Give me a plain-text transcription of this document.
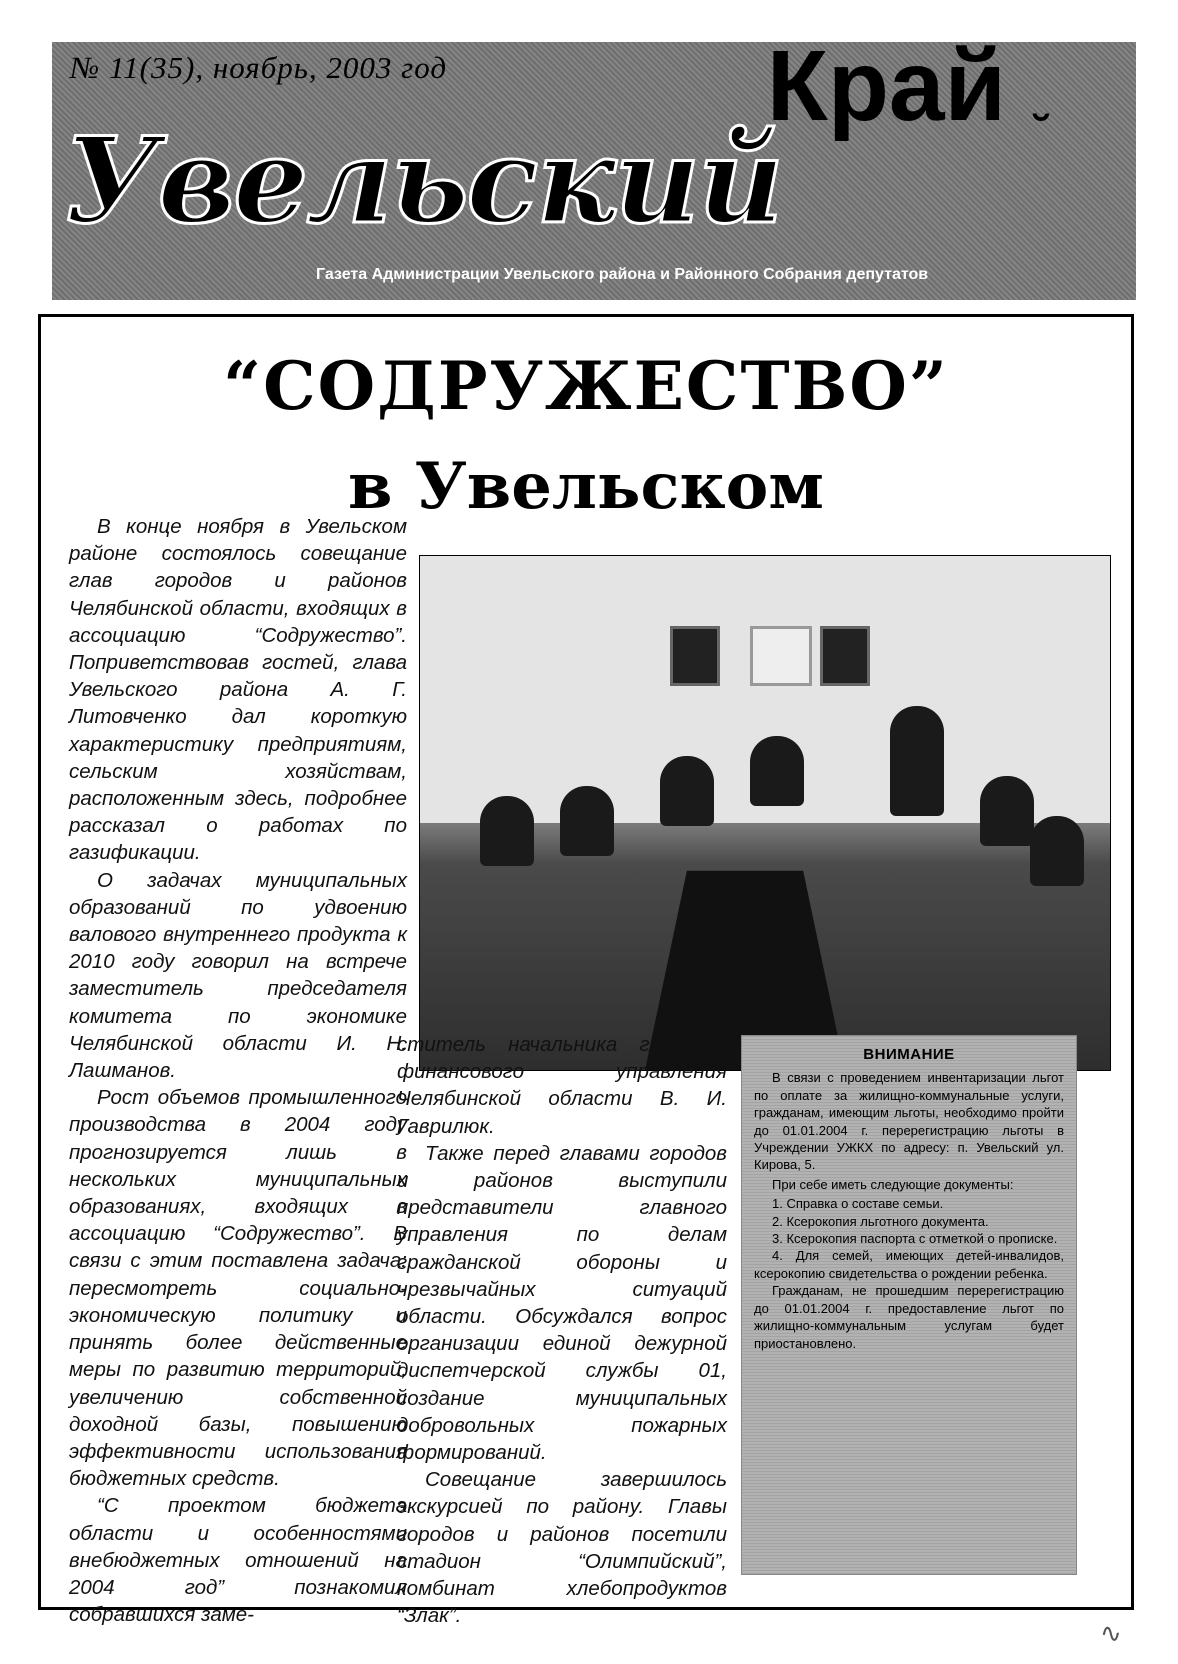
№ 11(35), ноябрь, 2003 год	Край ˘
Увельский
Газета Администрации Увельского района и Районного Собрания депутатов
“СОДРУЖЕСТВО”
в Увельском

В конце ноября в Увельском районе состоялось совещание глав городов и районов Челябинской области, входящих в ассоциацию “Содружество”. Поприветствовав гостей, глава Увельского района А. Г. Литовченко дал короткую характеристику предприятиям, сельским хозяйствам, расположенным здесь, подробнее рассказал о работах по газификации.

О задачах муниципальных образований по удвоению валового внутреннего продукта к 2010 году говорил на встрече заместитель председателя комитета по экономике Челябинской области И. Н. Лашманов.

Рост объемов промышленного производства в 2004 году прогнозируется лишь в нескольких муниципальных образованиях, входящих в ассоциацию “Содружество”. В связи с этим поставлена задача: пересмотреть социально-экономическую политику и принять более действенные меры по развитию территорий, увеличению собственной доходной базы, повышению эффективности использования бюджетных средств.

“С проектом бюджета области и особенностями внебюджетных отношений на 2004 год” познакомил собравшихся заме-

ститель начальника главного финансового управления Челябинской области В. И. Гаврилюк.

Также перед главами городов и районов выступили представители главного управления по делам гражданской обороны и чрезвычайных ситуаций области. Обсуждался вопрос организации единой дежурной диспетчерской службы 01, создание муниципальных добровольных пожарных формирований.

Совещание завершилось экскурсией по району. Главы городов и районов посетили стадион “Олимпийский”, комбинат хлебопродуктов “Злак”.

ВНИМАНИЕ

В связи с проведением инвентаризации льгот по оплате за жилищно-коммунальные услуги, гражданам, имеющим льготы, необходимо пройти до 01.01.2004 г. перерегистрацию льготы в Учреждении УЖКХ по адресу: п. Увельский ул. Кирова, 5.

При себе иметь следующие документы:

1. Справка о составе семьи.
2. Ксерокопия льготного документа.
3. Ксерокопия паспорта с отметкой о прописке.
4. Для семей, имеющих детей-инвалидов, ксерокопию свидетельства о рождении ребенка.

Гражданам, не прошедшим перерегистрацию до 01.01.2004 г. предоставление льгот по жилищно-коммунальным услугам будет приостановлено.

∿
